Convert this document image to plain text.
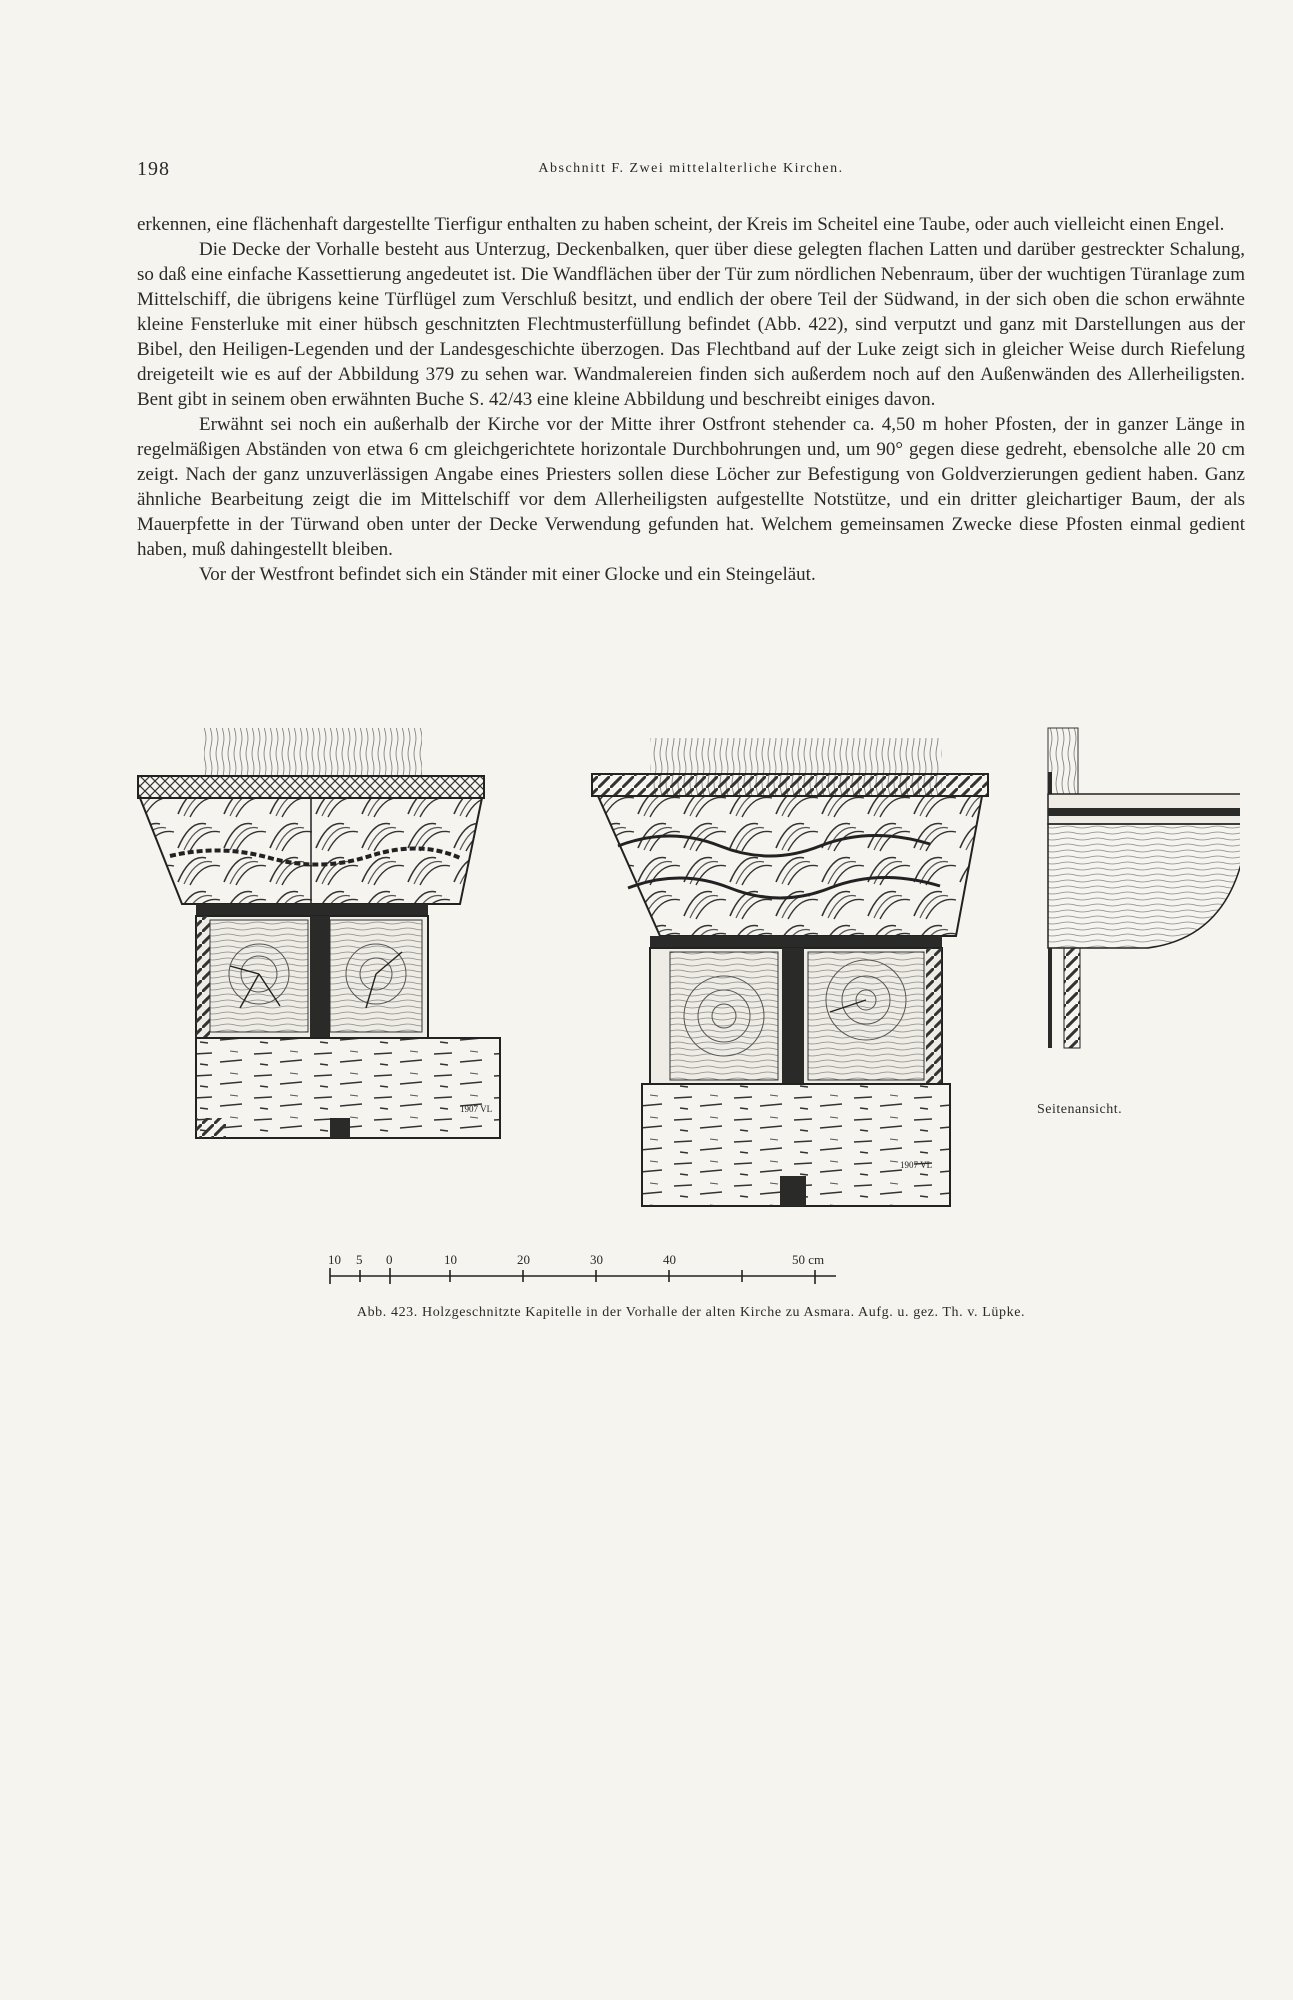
198	Abschnitt F. Zwei mittelalterliche Kirchen.

erkennen, eine flächenhaft dargestellte Tierfigur enthalten zu haben scheint, der Kreis im Scheitel eine Taube, oder auch vielleicht einen Engel.

Die Decke der Vorhalle besteht aus Unterzug, Deckenbalken, quer über diese gelegten flachen Latten und darüber gestreckter Schalung, so daß eine einfache Kassettierung angedeutet ist. Die Wandflächen über der Tür zum nördlichen Nebenraum, über der wuchtigen Türanlage zum Mittelschiff, die übrigens keine Türflügel zum Verschluß besitzt, und endlich der obere Teil der Südwand, in der sich oben die schon erwähnte kleine Fensterluke mit einer hübsch geschnitzten Flechtmusterfüllung befindet (Abb. 422), sind verputzt und ganz mit Darstellungen aus der Bibel, den Heiligen-Legenden und der Landesgeschichte überzogen. Das Flechtband auf der Luke zeigt sich in gleicher Weise durch Riefelung dreigeteilt wie es auf der Abbildung 379 zu sehen war. Wandmalereien finden sich außerdem noch auf den Außenwänden des Allerheiligsten. Bent gibt in seinem oben erwähnten Buche S. 42/43 eine kleine Abbildung und beschreibt einiges davon.

Erwähnt sei noch ein außerhalb der Kirche vor der Mitte ihrer Ostfront stehender ca. 4,50 m hoher Pfosten, der in ganzer Länge in regelmäßigen Abständen von etwa 6 cm gleichgerichtete horizontale Durchbohrungen und, um 90° gegen diese gedreht, ebensolche alle 20 cm zeigt. Nach der ganz unzuverlässigen Angabe eines Priesters sollen diese Löcher zur Befestigung von Goldverzierungen gedient haben. Ganz ähnliche Bearbeitung zeigt die im Mittelschiff vor dem Allerheiligsten aufgestellte Notstütze, und ein dritter gleichartiger Baum, der als Mauerpfette in der Türwand oben unter der Decke Verwendung gefunden hat. Welchem gemeinsamen Zwecke diese Pfosten einmal gedient haben, muß dahingestellt bleiben.

Vor der Westfront befindet sich ein Ständer mit einer Glocke und ein Steingeläut.

1907 VL
1907 VL
10 5 0	10	20	30	40	50 cm
Seitenansicht.
Abb. 423. Holzgeschnitzte Kapitelle in der Vorhalle der alten Kirche zu Asmara. Aufg. u. gez. Th. v. Lüpke.
